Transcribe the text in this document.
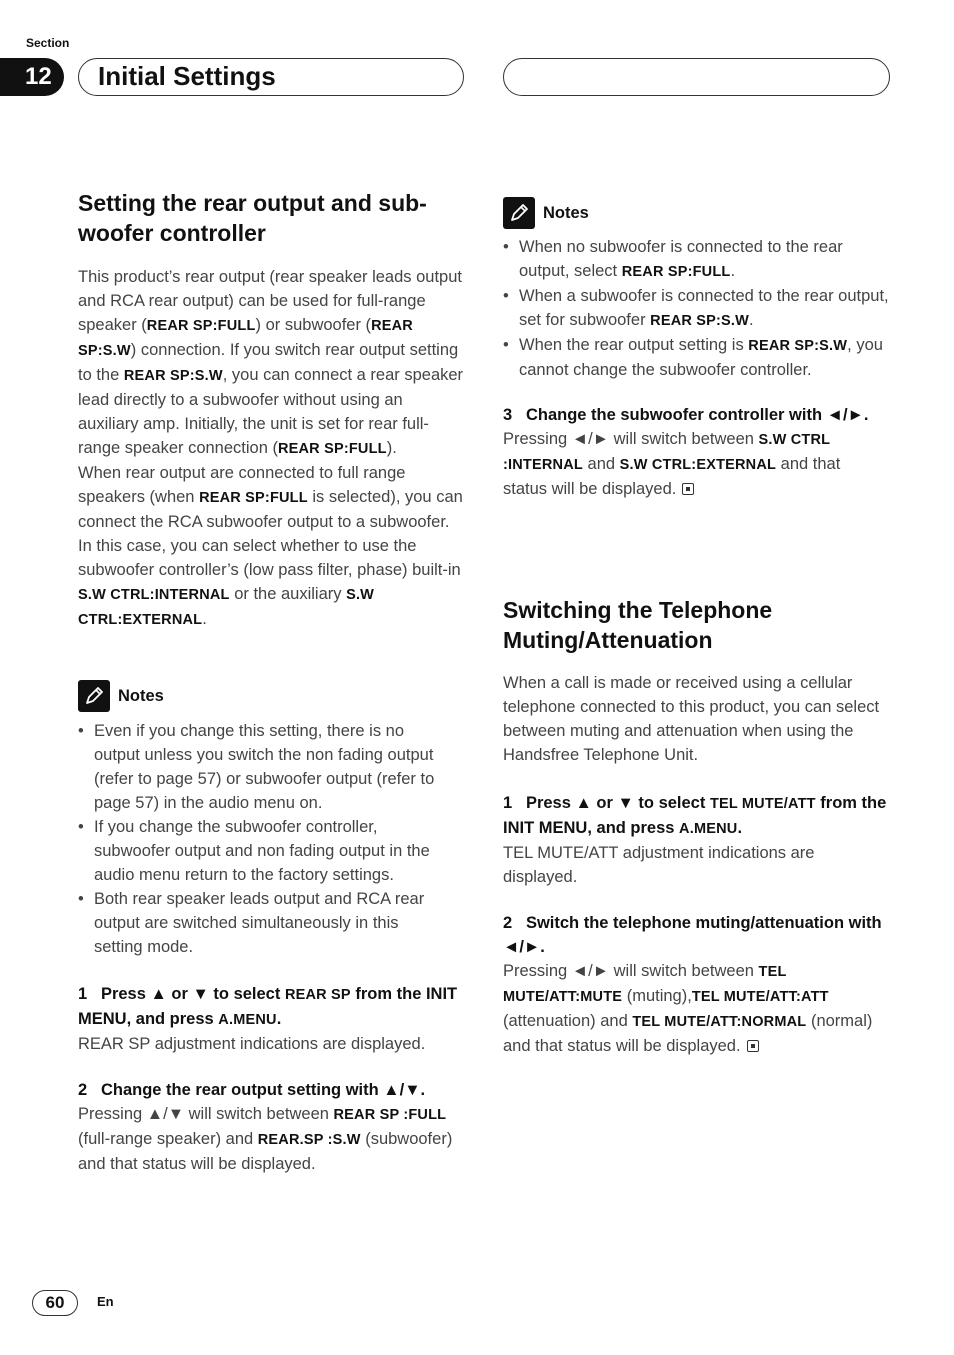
Section
12	Initial Settings
Setting the rear output and sub-woofer controller

This product’s rear output (rear speaker leads output and RCA rear output) can be used for full-range speaker (REAR SP:FULL) or subwoofer (REAR SP:S.W) connection. If you switch rear output setting to the REAR SP:S.W, you can connect a rear speaker lead directly to a subwoofer without using an auxiliary amp. Initially, the unit is set for rear full-range speaker connection (REAR SP:FULL).
When rear output are connected to full range speakers (when REAR SP:FULL is selected), you can connect the RCA subwoofer output to a subwoofer. In this case, you can select whether to use the subwoofer controller’s (low pass filter, phase) built-in S.W CTRL:INTERNAL or the auxiliary S.W CTRL:EXTERNAL.

Notes
• Even if you change this setting, there is no output unless you switch the non fading output (refer to page 57) or subwoofer output (refer to page 57) in the audio menu on.
• If you change the subwoofer controller, subwoofer output and non fading output in the audio menu return to the factory settings.
• Both rear speaker leads output and RCA rear output are switched simultaneously in this setting mode.

1 Press ▲ or ▼ to select REAR SP from the INIT MENU, and press A.MENU.

REAR SP adjustment indications are displayed.

2 Change the rear output setting with ▲/▼.

Pressing ▲/▼ will switch between REAR SP :FULL (full-range speaker) and REAR.SP :S.W (subwoofer) and that status will be displayed.

Notes
• When no subwoofer is connected to the rear output, select REAR SP:FULL.
• When a subwoofer is connected to the rear output, set for subwoofer REAR SP:S.W.
• When the rear output setting is REAR SP:S.W, you cannot change the subwoofer controller.

3 Change the subwoofer controller with ◄/►.

Pressing ◄/► will switch between S.W CTRL :INTERNAL and S.W CTRL:EXTERNAL and that status will be displayed.

Switching the Telephone Muting/Attenuation

When a call is made or received using a cellular telephone connected to this product, you can select between muting and attenuation when using the Handsfree Telephone Unit.

1 Press ▲ or ▼ to select TEL MUTE/ATT from the INIT MENU, and press A.MENU.

TEL MUTE/ATT adjustment indications are displayed.

2 Switch the telephone muting/attenuation with ◄/►.

Pressing ◄/► will switch between TEL MUTE/ATT:MUTE (muting),TEL MUTE/ATT:ATT (attenuation) and TEL MUTE/ATT:NORMAL (normal) and that status will be displayed.

60	En
